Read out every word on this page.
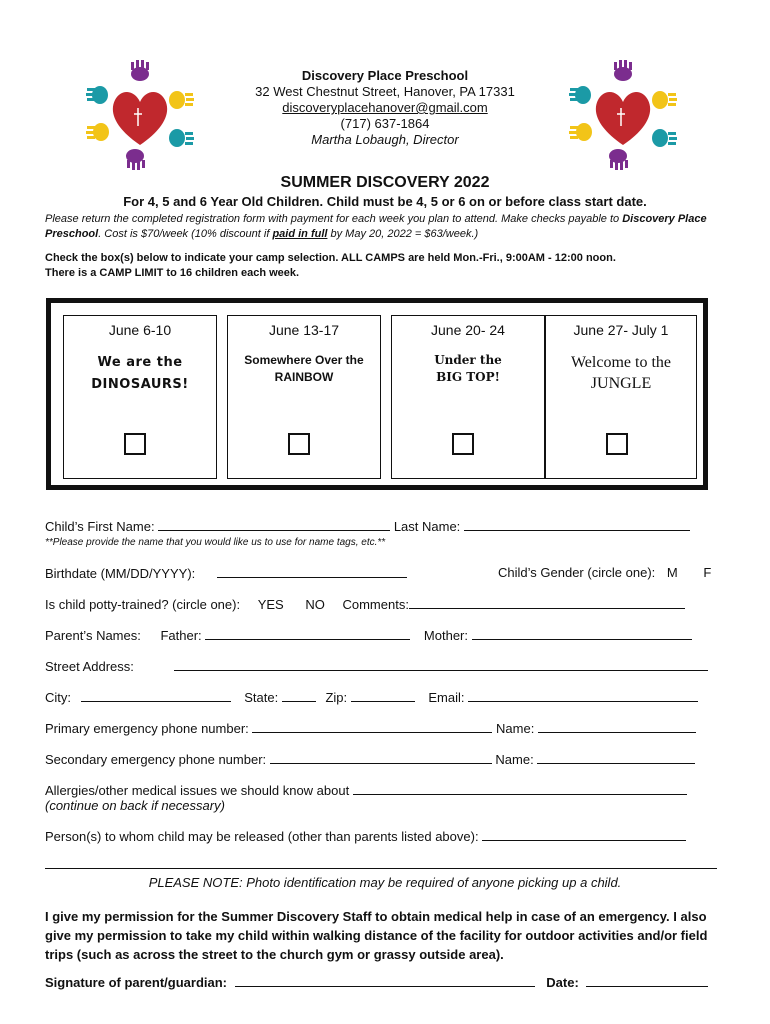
Discovery Place Preschool
32 West Chestnut Street, Hanover, PA 17331
discoveryplacehanover@gmail.com
(717) 637-1864
Martha Lobaugh, Director
SUMMER DISCOVERY 2022
For 4, 5 and 6 Year Old Children. Child must be 4, 5 or 6 on or before class start date.
Please return the completed registration form with payment for each week you plan to attend. Make checks payable to Discovery Place Preschool. Cost is $70/week (10% discount if paid in full by May 20, 2022 = $63/week.)
Check the box(s) below to indicate your camp selection. ALL CAMPS are held Mon.-Fri., 9:00AM - 12:00 noon.
There is a CAMP LIMIT to 16 children each week.
June 6-10
We are the
DINOSAURS!
June 13-17
Somewhere Over the
RAINBOW
June 20- 24
Under the
BIG TOP!
June 27- July 1
Welcome to the
JUNGLE
Child’s First Name:	Last Name:
**Please provide the name that you would like us to use for name tags, etc.**
Birthdate (MM/DD/YYYY):	Child’s Gender (circle one): M F
Is child potty-trained? (circle one): YES NO Comments:
Parent’s Names: Father:	Mother:
Street Address:
City:	State:	Zip:	Email:
Primary emergency phone number:	Name:
Secondary emergency phone number:	Name:
Allergies/other medical issues we should know about
(continue on back if necessary)
Person(s) to whom child may be released (other than parents listed above):
PLEASE NOTE: Photo identification may be required of anyone picking up a child.
I give my permission for the Summer Discovery Staff to obtain medical help in case of an emergency. I also give my permission to take my child within walking distance of the facility for outdoor activities and/or field trips (such as across the street to the church gym or grassy outside area).
Signature of parent/guardian:	Date:
